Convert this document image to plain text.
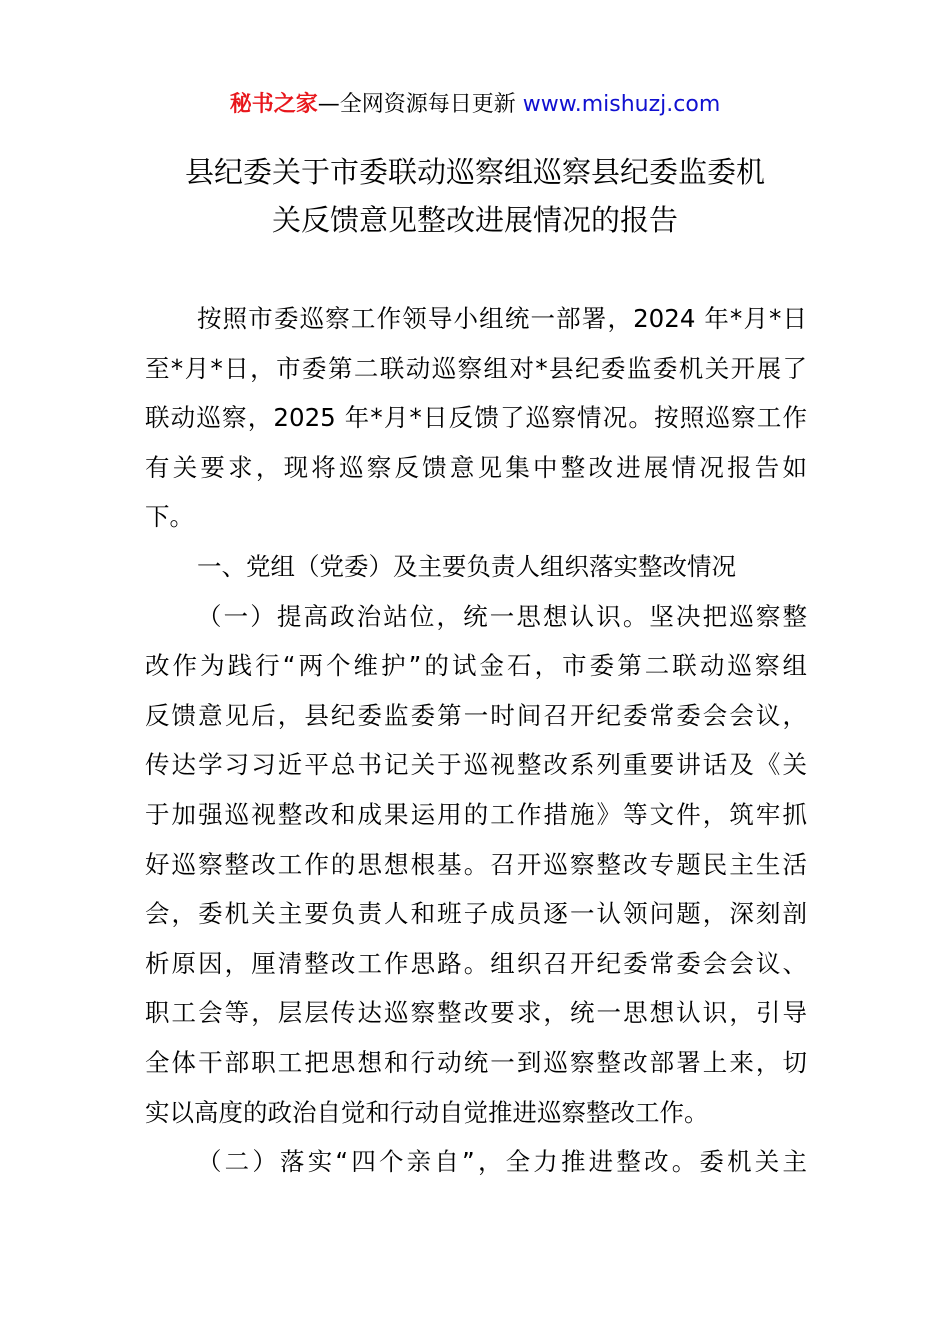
秘书之家—全网资源每日更新 www.mishuzj.com
县纪委关于市委联动巡察组巡察县纪委监委机
关反馈意见整改进展情况的报告
按照市委巡察工作领导小组统一部署，2024 年*月*日
至*月*日，市委第二联动巡察组对*县纪委监委机关开展了
联动巡察，2025 年*月*日反馈了巡察情况。按照巡察工作
有关要求，现将巡察反馈意见集中整改进展情况报告如
下。
一、党组（党委）及主要负责人组织落实整改情况
（一）提高政治站位，统一思想认识。坚决把巡察整
改作为践行“两个维护”的试金石，市委第二联动巡察组
反馈意见后，县纪委监委第一时间召开纪委常委会会议，
传达学习习近平总书记关于巡视整改系列重要讲话及《关
于加强巡视整改和成果运用的工作措施》等文件，筑牢抓
好巡察整改工作的思想根基。召开巡察整改专题民主生活
会，委机关主要负责人和班子成员逐一认领问题，深刻剖
析原因，厘清整改工作思路。组织召开纪委常委会会议、
职工会等，层层传达巡察整改要求，统一思想认识，引导
全体干部职工把思想和行动统一到巡察整改部署上来，切
实以高度的政治自觉和行动自觉推进巡察整改工作。
（二）落实“四个亲自”，全力推进整改。委机关主
